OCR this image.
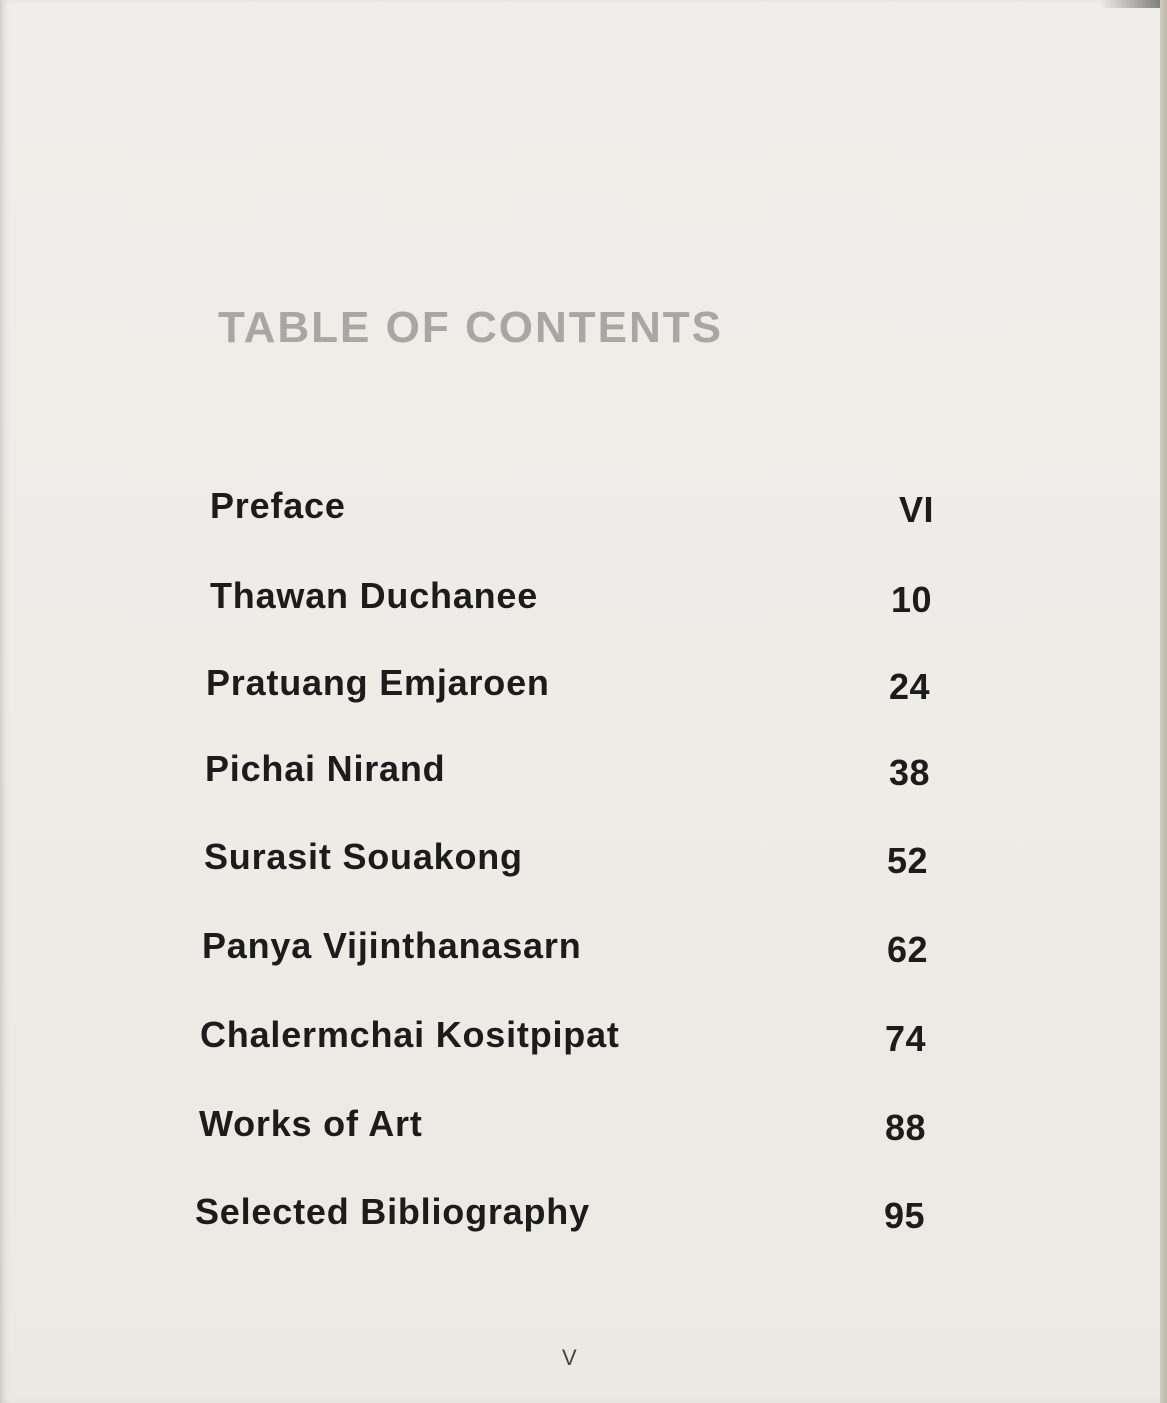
TABLE OF CONTENTS
Preface	VI
Thawan Duchanee	10
Pratuang Emjaroen	24
Pichai Nirand	38
Surasit Souakong	52
Panya Vijinthanasarn	62
Chalermchai Kositpipat	74
Works of Art	88
Selected Bibliography	95
V
